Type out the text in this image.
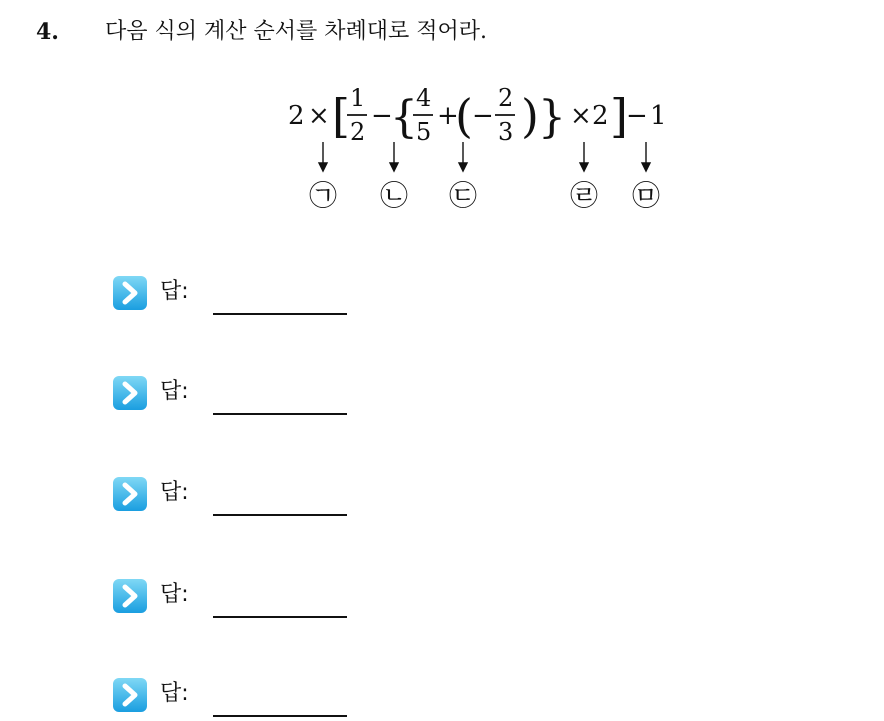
4. 다음 식의 계산 순서를 차례대로 적어라.
2 × [ 1
2
−
{
4
5
+
( −
2
3 ) } × 2 ]
− 1
㉠ ㉡ ㉢	㉣ ㉤
답:
답:
답:
답:
답:
